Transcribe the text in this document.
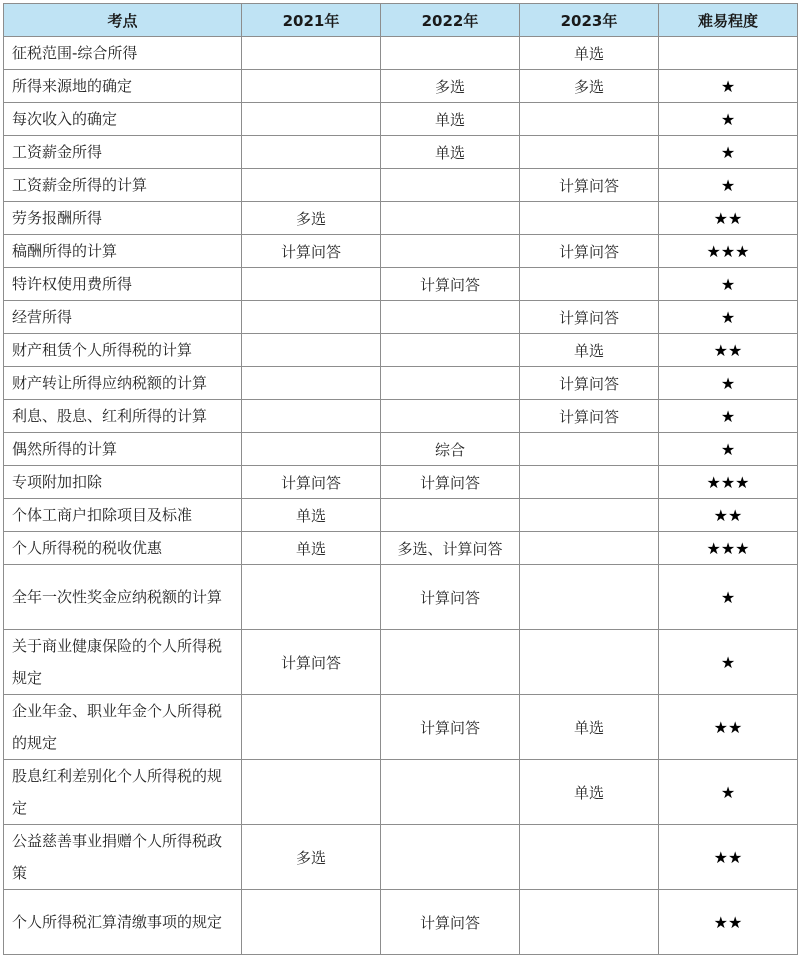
考点	2021年	2022年	2023年	难易程度
征税范围-综合所得			单选	
所得来源地的确定		多选	多选	★
每次收入的确定		单选		★
工资薪金所得		单选		★
工资薪金所得的计算			计算问答	★
劳务报酬所得	多选			★★
稿酬所得的计算	计算问答		计算问答	★★★
特许权使用费所得		计算问答		★
经营所得			计算问答	★
财产租赁个人所得税的计算			单选	★★
财产转让所得应纳税额的计算			计算问答	★
利息、股息、红利所得的计算			计算问答	★
偶然所得的计算		综合		★
专项附加扣除	计算问答	计算问答		★★★
个体工商户扣除项目及标准	单选			★★
个人所得税的税收优惠	单选	多选、计算问答		★★★
全年一次性奖金应纳税额的计算		计算问答		★
关于商业健康保险的个人所得税规定	计算问答			★
企业年金、职业年金个人所得税的规定		计算问答	单选	★★
股息红利差别化个人所得税的规定			单选	★
公益慈善事业捐赠个人所得税政策	多选			★★
个人所得税汇算清缴事项的规定		计算问答		★★
